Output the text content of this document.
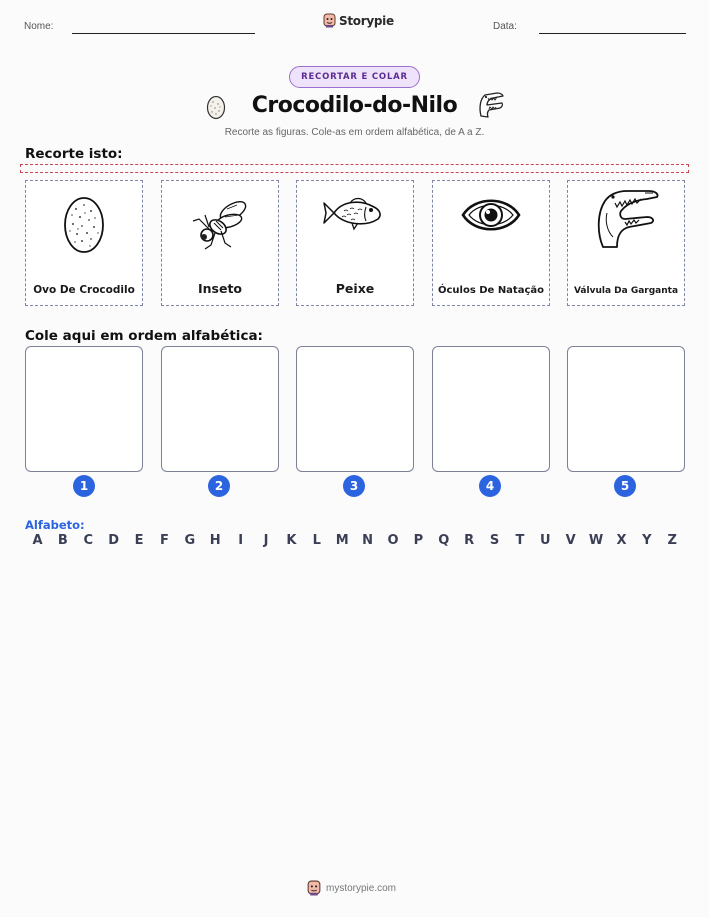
Nome:	Storypie	Data:
RECORTAR E COLAR
Crocodilo-do-Nilo
Recorte as figuras. Cole-as em ordem alfabética, de A a Z.
Recorte isto:
Ovo De Crocodilo	Inseto	Peixe	Óculos De Natação	Válvula Da Garganta
Cole aqui em ordem alfabética:
1	2	3	4	5
Alfabeto:
A	B	C	D	E	F	G	H	I	J	K	L	M	N	O	P	Q	R	S	T	U	V	W	X	Y	Z
mystorypie.com
